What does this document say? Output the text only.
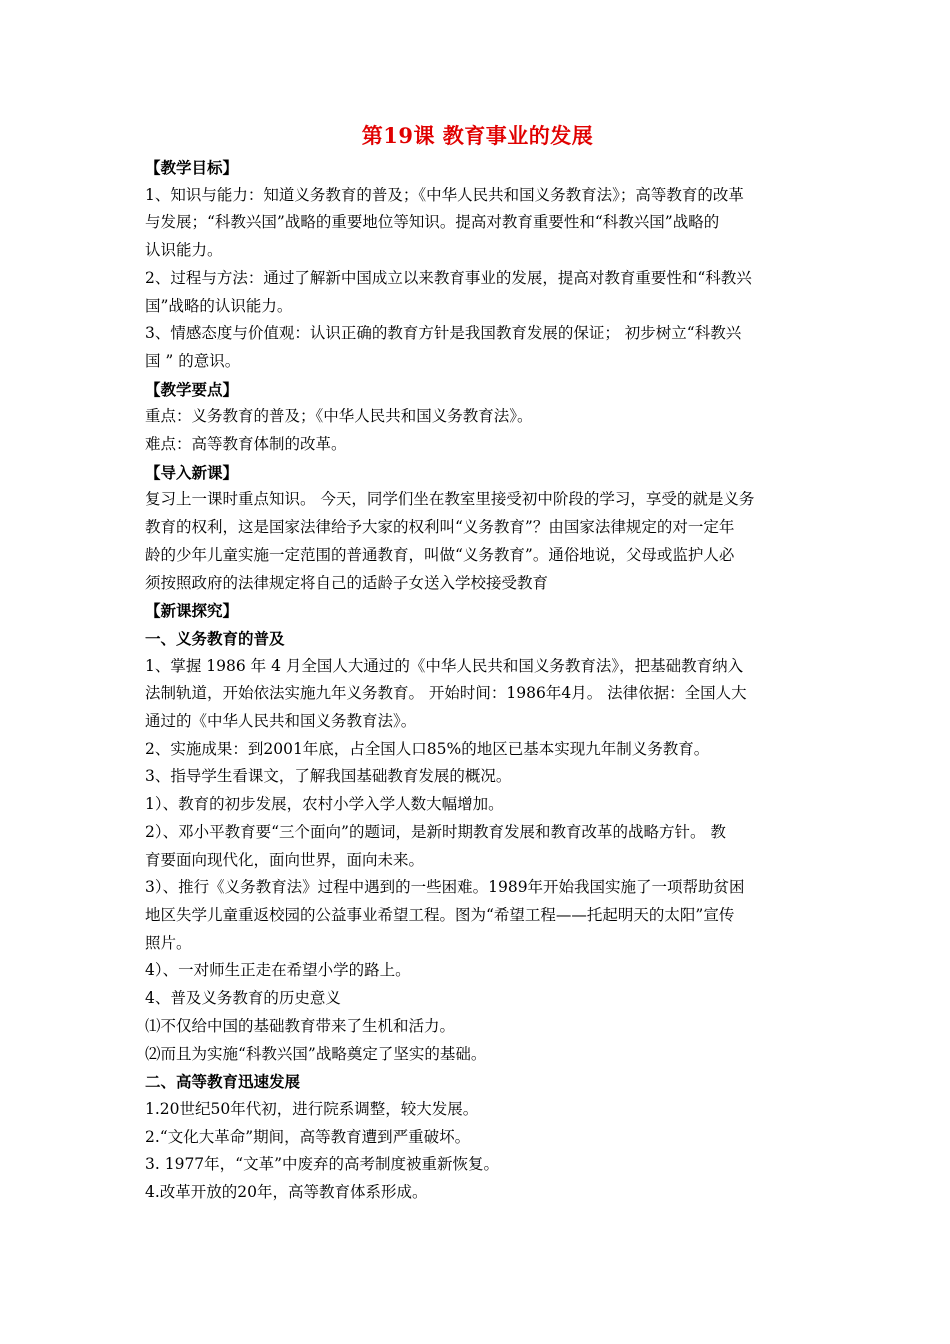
第19课 教育事业的发展

【教学目标】

1、知识与能力：知道义务教育的普及；《中华人民共和国义务教育法》；高等教育的改革

与发展；“科教兴国”战略的重要地位等知识。提高对教育重要性和“科教兴国”战略的

认识能力。

2、过程与方法：通过了解新中国成立以来教育事业的发展，提高对教育重要性和“科教兴

国”战略的认识能力。

3、情感态度与价值观：认识正确的教育方针是我国教育发展的保证； 初步树立“科教兴

国 ” 的意识。

【教学要点】

重点：义务教育的普及；《中华人民共和国义务教育法》。

难点：高等教育体制的改革。

【导入新课】

复习上一课时重点知识。 今天，同学们坐在教室里接受初中阶段的学习，享受的就是义务

教育的权利，这是国家法律给予大家的权利叫“义务教育”？由国家法律规定的对一定年

龄的少年儿童实施一定范围的普通教育，叫做“义务教育”。通俗地说，父母或监护人必

须按照政府的法律规定将自己的适龄子女送入学校接受教育

【新课探究】

一、义务教育的普及

1、掌握 1986 年 4 月全国人大通过的《中华人民共和国义务教育法》，把基础教育纳入

法制轨道，开始依法实施九年义务教育。 开始时间：1986年4月。 法律依据：全国人大

通过的《中华人民共和国义务教育法》。

2、实施成果：到2001年底，占全国人口85%的地区已基本实现九年制义务教育。

3、指导学生看课文，了解我国基础教育发展的概况。

1）、教育的初步发展，农村小学入学人数大幅增加。

2）、邓小平教育要“三个面向”的题词，是新时期教育发展和教育改革的战略方针。 教

育要面向现代化，面向世界，面向未来。

3）、推行《义务教育法》过程中遇到的一些困难。1989年开始我国实施了一项帮助贫困

地区失学儿童重返校园的公益事业希望工程。图为“希望工程——托起明天的太阳”宣传

照片。

4）、一对师生正走在希望小学的路上。

4、普及义务教育的历史意义

⑴不仅给中国的基础教育带来了生机和活力。

⑵而且为实施“科教兴国”战略奠定了坚实的基础。

二、高等教育迅速发展

1.20世纪50年代初，进行院系调整，较大发展。

2.“文化大革命”期间，高等教育遭到严重破坏。

3. 1977年，“文革”中废弃的高考制度被重新恢复。

4.改革开放的20年，高等教育体系形成。
